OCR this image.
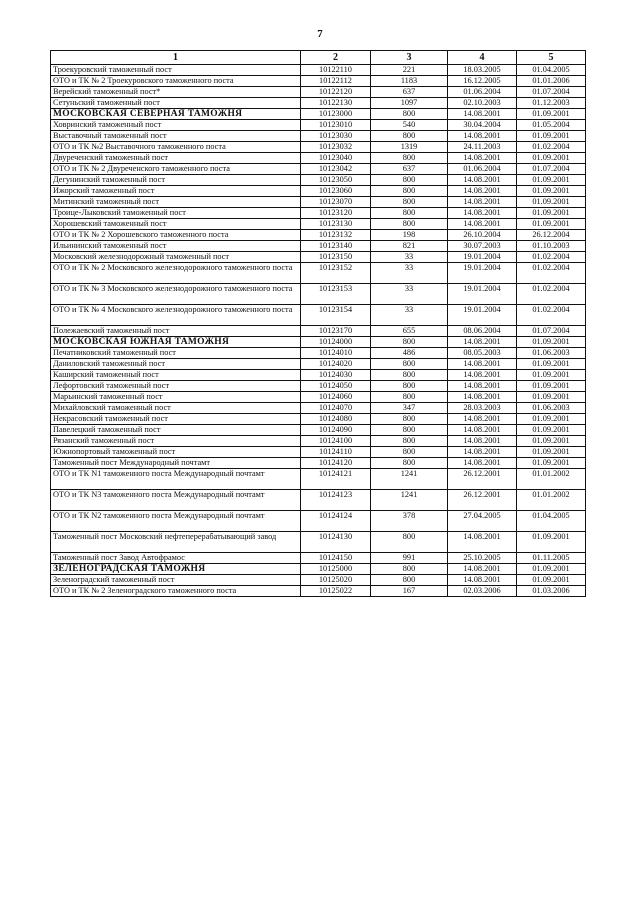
7
1	2	3	4	5
Троекуровский таможенный пост	10122110	221	18.03.2005	01.04.2005
ОТО и ТК № 2 Троекуровского таможенного поста	10122112	1183	16.12.2005	01.01.2006
Верейский таможенный пост*	10122120	637	01.06.2004	01.07.2004
Сетуньский таможенный пост	10122130	1097	02.10.2003	01.12.2003
МОСКОВСКАЯ СЕВЕРНАЯ ТАМОЖНЯ	10123000	800	14.08.2001	01.09.2001
Ховринский таможенный пост	10123010	540	30.04.2004	01.05.2004
Выставочный таможенный пост	10123030	800	14.08.2001	01.09.2001
ОТО и ТК №2 Выставочного таможенного поста	10123032	1319	24.11.2003	01.02.2004
Двуреченский таможенный пост	10123040	800	14.08.2001	01.09.2001
ОТО и ТК № 2 Двуреченского таможенного поста	10123042	637	01.06.2004	01.07.2004
Дегунинский таможенный пост	10123050	800	14.08.2001	01.09.2001
Ижорский таможенный пост	10123060	800	14.08.2001	01.09.2001
Митинский таможенный пост	10123070	800	14.08.2001	01.09.2001
Троице-Лыковский таможенный пост	10123120	800	14.08.2001	01.09.2001
Хорошевский таможенный пост	10123130	800	14.08.2001	01.09.2001
ОТО и ТК № 2 Хорошевского таможенного поста	10123132	198	26.10.2004	26.12.2004
Ильининский таможенный пост	10123140	821	30.07.2003	01.10.2003
Московский железнодорожный таможенный пост	10123150	33	19.01.2004	01.02.2004
ОТО и ТК № 2 Московского железнодорожного таможенного поста	10123152	33	19.01.2004	01.02.2004
ОТО и ТК № 3 Московского железнодорожного таможенного поста	10123153	33	19.01.2004	01.02.2004
ОТО и ТК № 4 Московского железнодорожного таможенного поста	10123154	33	19.01.2004	01.02.2004
Полежаевский таможенный пост	10123170	655	08.06.2004	01.07.2004
МОСКОВСКАЯ ЮЖНАЯ ТАМОЖНЯ	10124000	800	14.08.2001	01.09.2001
Печатниковский таможенный пост	10124010	486	08.05.2003	01.06.2003
Даниловский таможенный пост	10124020	800	14.08.2001	01.09.2001
Каширский таможенный пост	10124030	800	14.08.2001	01.09.2001
Лефортовский таможенный пост	10124050	800	14.08.2001	01.09.2001
Марьинский таможенный пост	10124060	800	14.08.2001	01.09.2001
Михайловский таможенный пост	10124070	347	28.03.2003	01.06.2003
Некрасовский таможенный пост	10124080	800	14.08.2001	01.09.2001
Павелецкий таможенный пост	10124090	800	14.08.2001	01.09.2001
Рязанский таможенный пост	10124100	800	14.08.2001	01.09.2001
Южнопортовый таможенный пост	10124110	800	14.08.2001	01.09.2001
Таможенный пост Международный почтамт	10124120	800	14.08.2001	01.09.2001
ОТО и ТК N1 таможенного поста Международный почтамт	10124121	1241	26.12.2001	01.01.2002
ОТО и ТК N3 таможенного поста Международный почтамт	10124123	1241	26.12.2001	01.01.2002
ОТО и ТК N2 таможенного поста Международный почтамт	10124124	378	27.04.2005	01.04.2005
Таможенный пост Московский нефтеперерабатывающий завод	10124130	800	14.08.2001	01.09.2001
Таможенный пост Завод Автофрамос	10124150	991	25.10.2005	01.11.2005
ЗЕЛЕНОГРАДСКАЯ ТАМОЖНЯ	10125000	800	14.08.2001	01.09.2001
Зеленоградский таможенный пост	10125020	800	14.08.2001	01.09.2001
ОТО и ТК № 2 Зеленоградского таможенного поста	10125022	167	02.03.2006	01.03.2006
